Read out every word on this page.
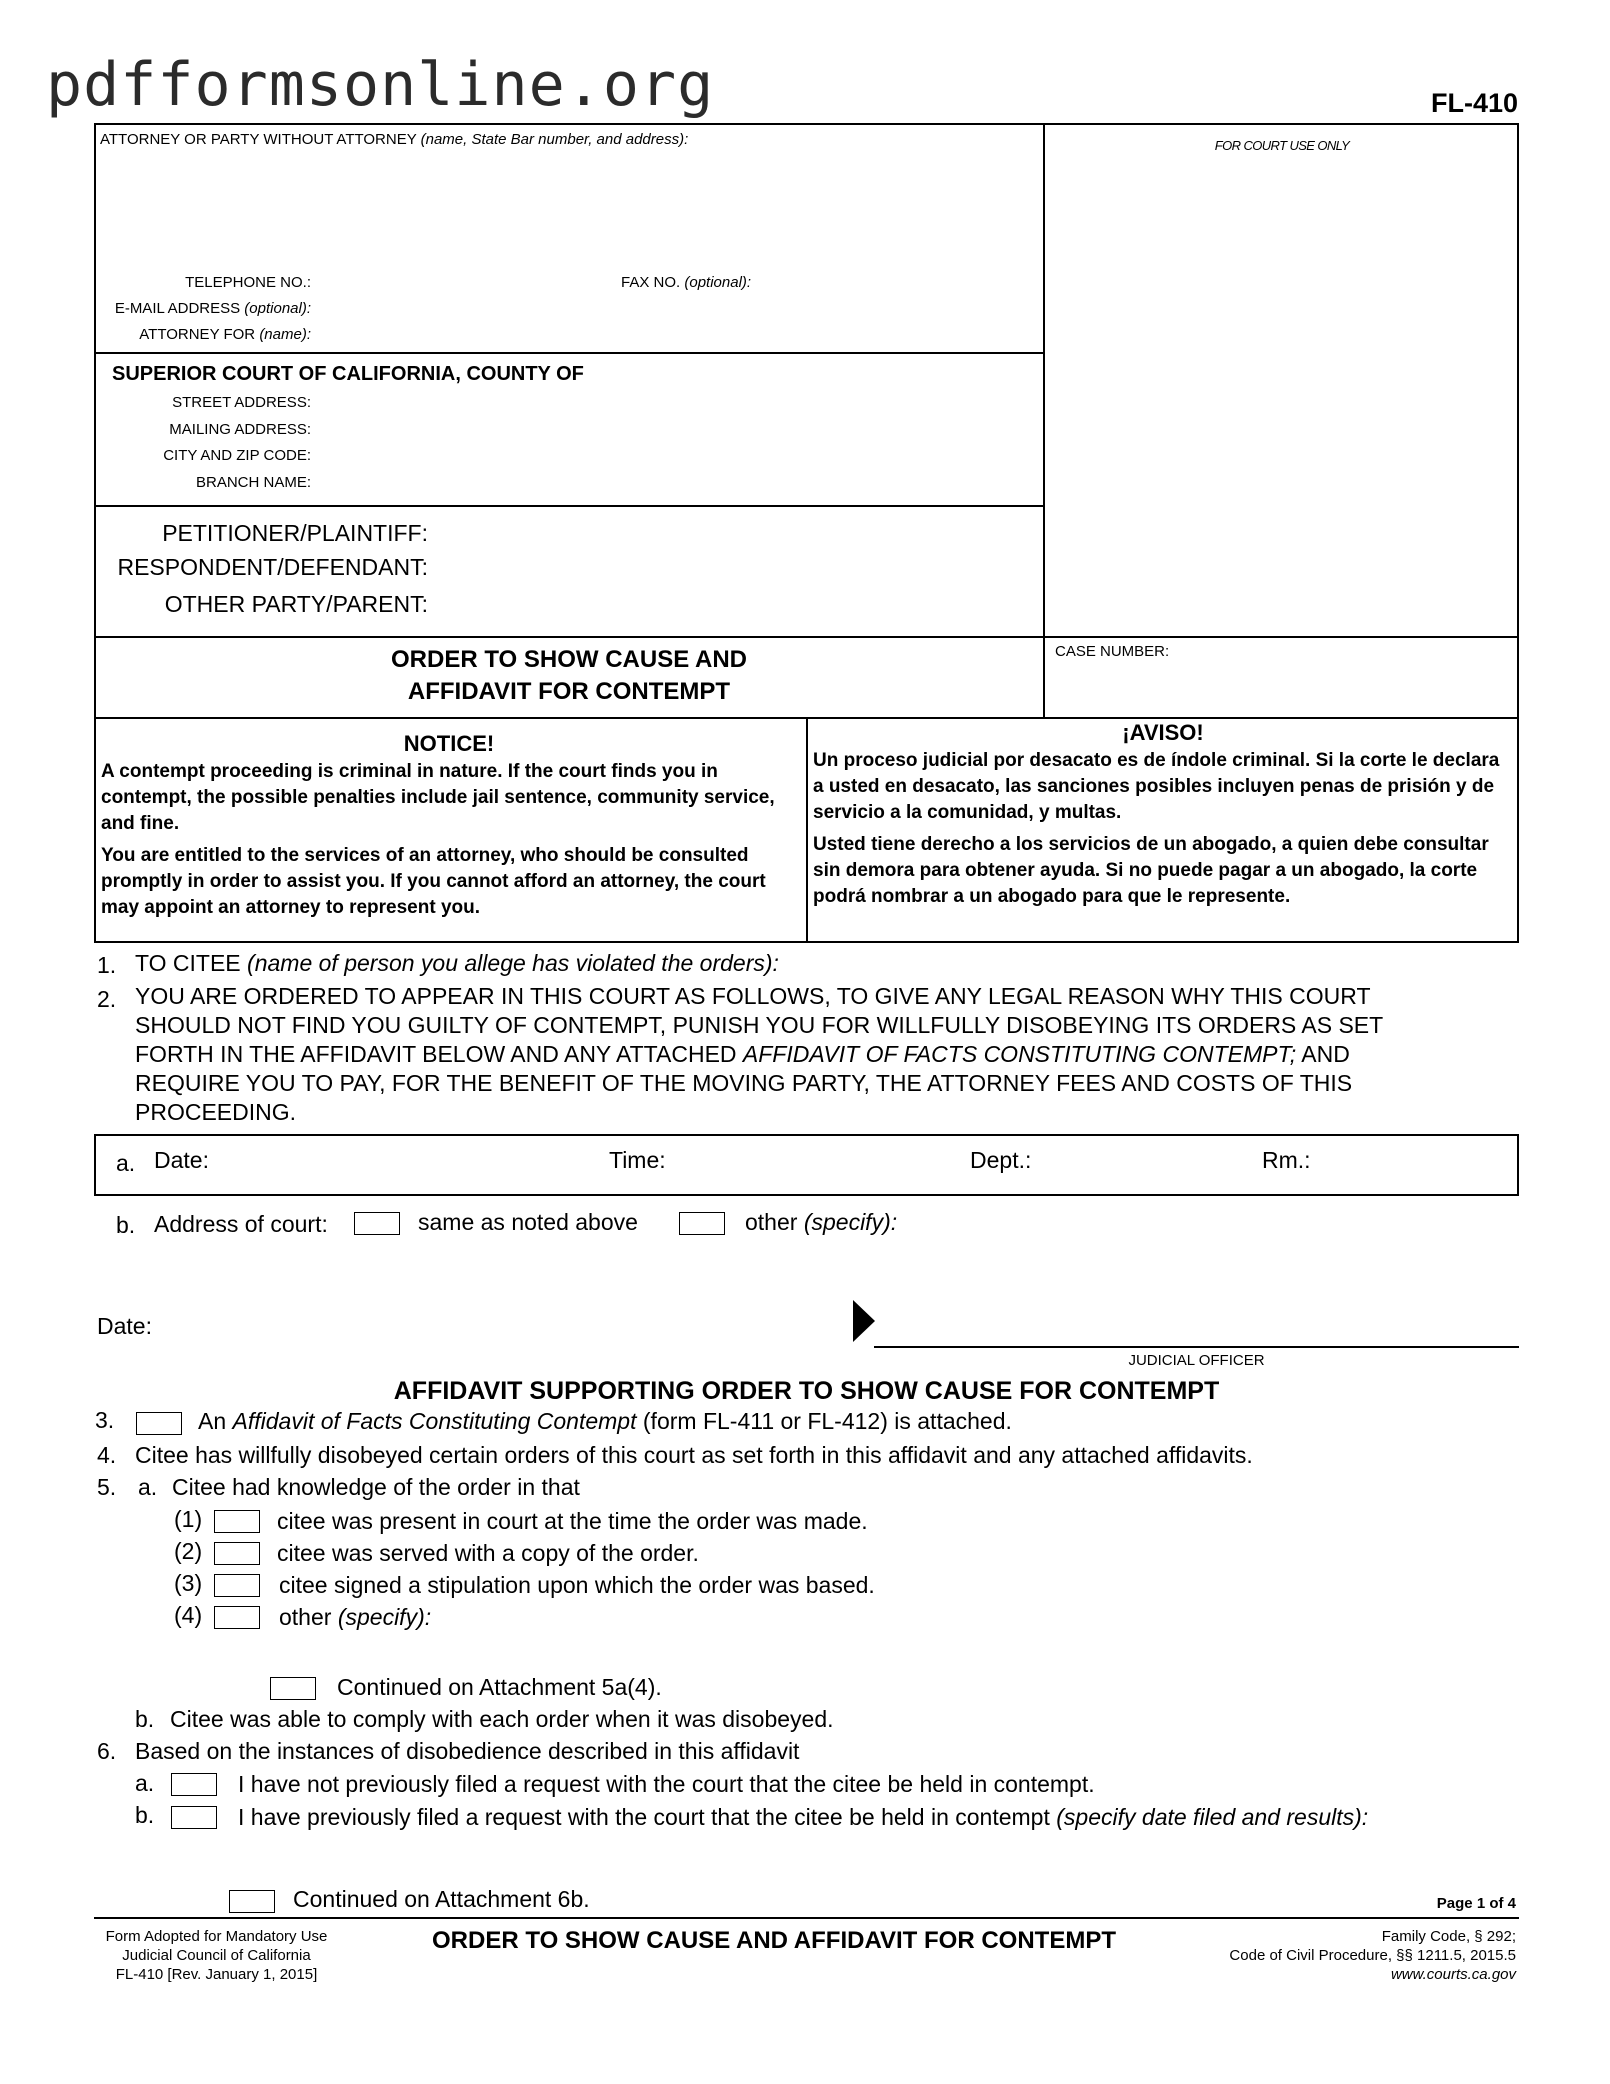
pdfformsonline.org	FL-410
ATTORNEY OR PARTY WITHOUT ATTORNEY (name, State Bar number, and address):	FOR COURT USE ONLY
TELEPHONE NO.:	FAX NO. (optional):
E-MAIL ADDRESS (optional):
ATTORNEY FOR (name):
SUPERIOR COURT OF CALIFORNIA, COUNTY OF
STREET ADDRESS:
MAILING ADDRESS:
CITY AND ZIP CODE:
BRANCH NAME:
PETITIONER/PLAINTIFF:
RESPONDENT/DEFENDANT:
OTHER PARTY/PARENT:
ORDER TO SHOW CAUSE AND
AFFIDAVIT FOR CONTEMPT
CASE NUMBER:
NOTICE!

A contempt proceeding is criminal in nature. If the court finds you in contempt, the possible penalties include jail sentence, community service, and fine.

You are entitled to the services of an attorney, who should be consulted promptly in order to assist you. If you cannot afford an attorney, the court may appoint an attorney to represent you.

¡AVISO!

Un proceso judicial por desacato es de índole criminal. Si la corte le declara a usted en desacato, las sanciones posibles incluyen penas de prisión y de servicio a la comunidad, y multas.

Usted tiene derecho a los servicios de un abogado, a quien debe consultar sin demora para obtener ayuda. Si no puede pagar a un abogado, la corte podrá nombrar a un abogado para que le represente.

1. TO CITEE (name of person you allege has violated the orders):
2. YOU ARE ORDERED TO APPEAR IN THIS COURT AS FOLLOWS, TO GIVE ANY LEGAL REASON WHY THIS COURT
SHOULD NOT FIND YOU GUILTY OF CONTEMPT, PUNISH YOU FOR WILLFULLY DISOBEYING ITS ORDERS AS SET
FORTH IN THE AFFIDAVIT BELOW AND ANY ATTACHED AFFIDAVIT OF FACTS CONSTITUTING CONTEMPT; AND
REQUIRE YOU TO PAY, FOR THE BENEFIT OF THE MOVING PARTY, THE ATTORNEY FEES AND COSTS OF THIS
PROCEEDING.
a. Date:	Time:	Dept.:	Rm.:
b. Address of court:	same as noted above	other (specify):
Date:
JUDICIAL OFFICER
AFFIDAVIT SUPPORTING ORDER TO SHOW CAUSE FOR CONTEMPT
3.	An Affidavit of Facts Constituting Contempt (form FL-411 or FL-412) is attached.
4. Citee has willfully disobeyed certain orders of this court as set forth in this affidavit and any attached affidavits.
5. a. Citee had knowledge of the order in that
(1)	citee was present in court at the time the order was made.
(2)	citee was served with a copy of the order.
(3)	citee signed a stipulation upon which the order was based.
(4)	other (specify):
Continued on Attachment 5a(4).
b. Citee was able to comply with each order when it was disobeyed.
6. Based on the instances of disobedience described in this affidavit
a.	I have not previously filed a request with the court that the citee be held in contempt.
b.	I have previously filed a request with the court that the citee be held in contempt (specify date filed and results):
Continued on Attachment 6b.	Page 1 of 4
Form Adopted for Mandatory Use
Judicial Council of California
FL-410 [Rev. January 1, 2015]
ORDER TO SHOW CAUSE AND AFFIDAVIT FOR CONTEMPT	Family Code, § 292;
Code of Civil Procedure, §§ 1211.5, 2015.5
www.courts.ca.gov
